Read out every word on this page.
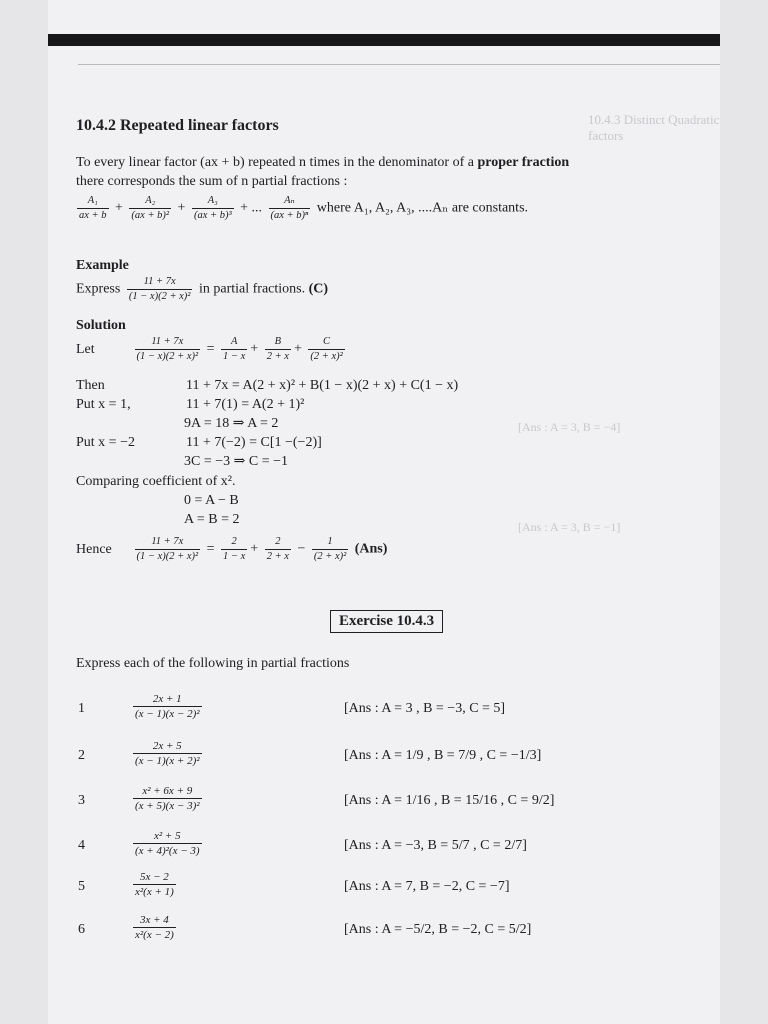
10.4.3 Distinct Quadratic factors
[Ans : A = 3, B = −4]
[Ans : A = 3, B = −1]
10.4.2 Repeated linear factors
To every linear factor (ax + b) repeated n times in the denominator of a proper fraction
there corresponds the sum of n partial fractions :
$\frac{\text{A₁}}{ax + b} + \frac{\text{A₂}}{\text{(ax + b)²}} + \frac{\text{A₃}}{\text{(ax + b)³}}$ + ... $\frac{\text{Aₙ}}{\text{(ax + b)ⁿ}}$ where A₁, A₂, A₃, ....Aₙ are constants.
Example
Express $\frac{11 + 7x}{\text{(1 − x)(2 + x)²}}$ in partial fractions. (C)
Solution
Let	$\frac{11 + 7x}{\text{(1 − x)(2 + x)²}} = \frac{A}{1 - x} + \frac{B}{2 + x} + \frac{C}{\text{(2 + x)²}}$
Then	11 + 7x = A(2 + x)² + B(1 − x)(2 + x) + C(1 − x)
Put x = 1,	11 + 7(1) = A(2 + 1)²
9A = 18 ⇒ A = 2
Put x = −2	11 + 7(−2) = C[1 −(−2)]
3C = −3 ⇒ C = −1
Comparing coefficient of x².
0 = A − B
A = B = 2
Hence $\frac{11 + 7x}{\text{(1 − x)(2 + x)²}} = \frac{2}{1 - x} + \frac{2}{2 + x} - \frac{1}{\text{(2 + x)²}} (Ans)$
Exercise 10.4.3
Express each of the following in partial fractions
1	$\frac{2x + 1}{\text{(x − 1)(x − 2)²}}$	[Ans : A = 3 , B = −3, C = 5]
2	$\frac{2x + 5}{\text{(x − 1)(x + 2)²}}$	[Ans : A = 1/9 , B = 7/9 , C = −1/3]
3	$\frac{\text{x² + 6x + 9}}{\text{(x + 5)(x − 3)²}}$	[Ans : A = 1/16 , B = 15/16 , C = 9/2]
4	$\frac{\text{x² + 5}}{\text{(x + 4)²(x − 3)}}$	[Ans : A = −3, B = 5/7 , C = 2/7]
5	$\frac{5x - 2}{\text{x²(x + 1)}}$	[Ans : A = 7, B = −2, C = −7]
6	$\frac{3x + 4}{\text{x²(x − 2)}}$	[Ans : A = −5/2, B = −2, C = 5/2]
